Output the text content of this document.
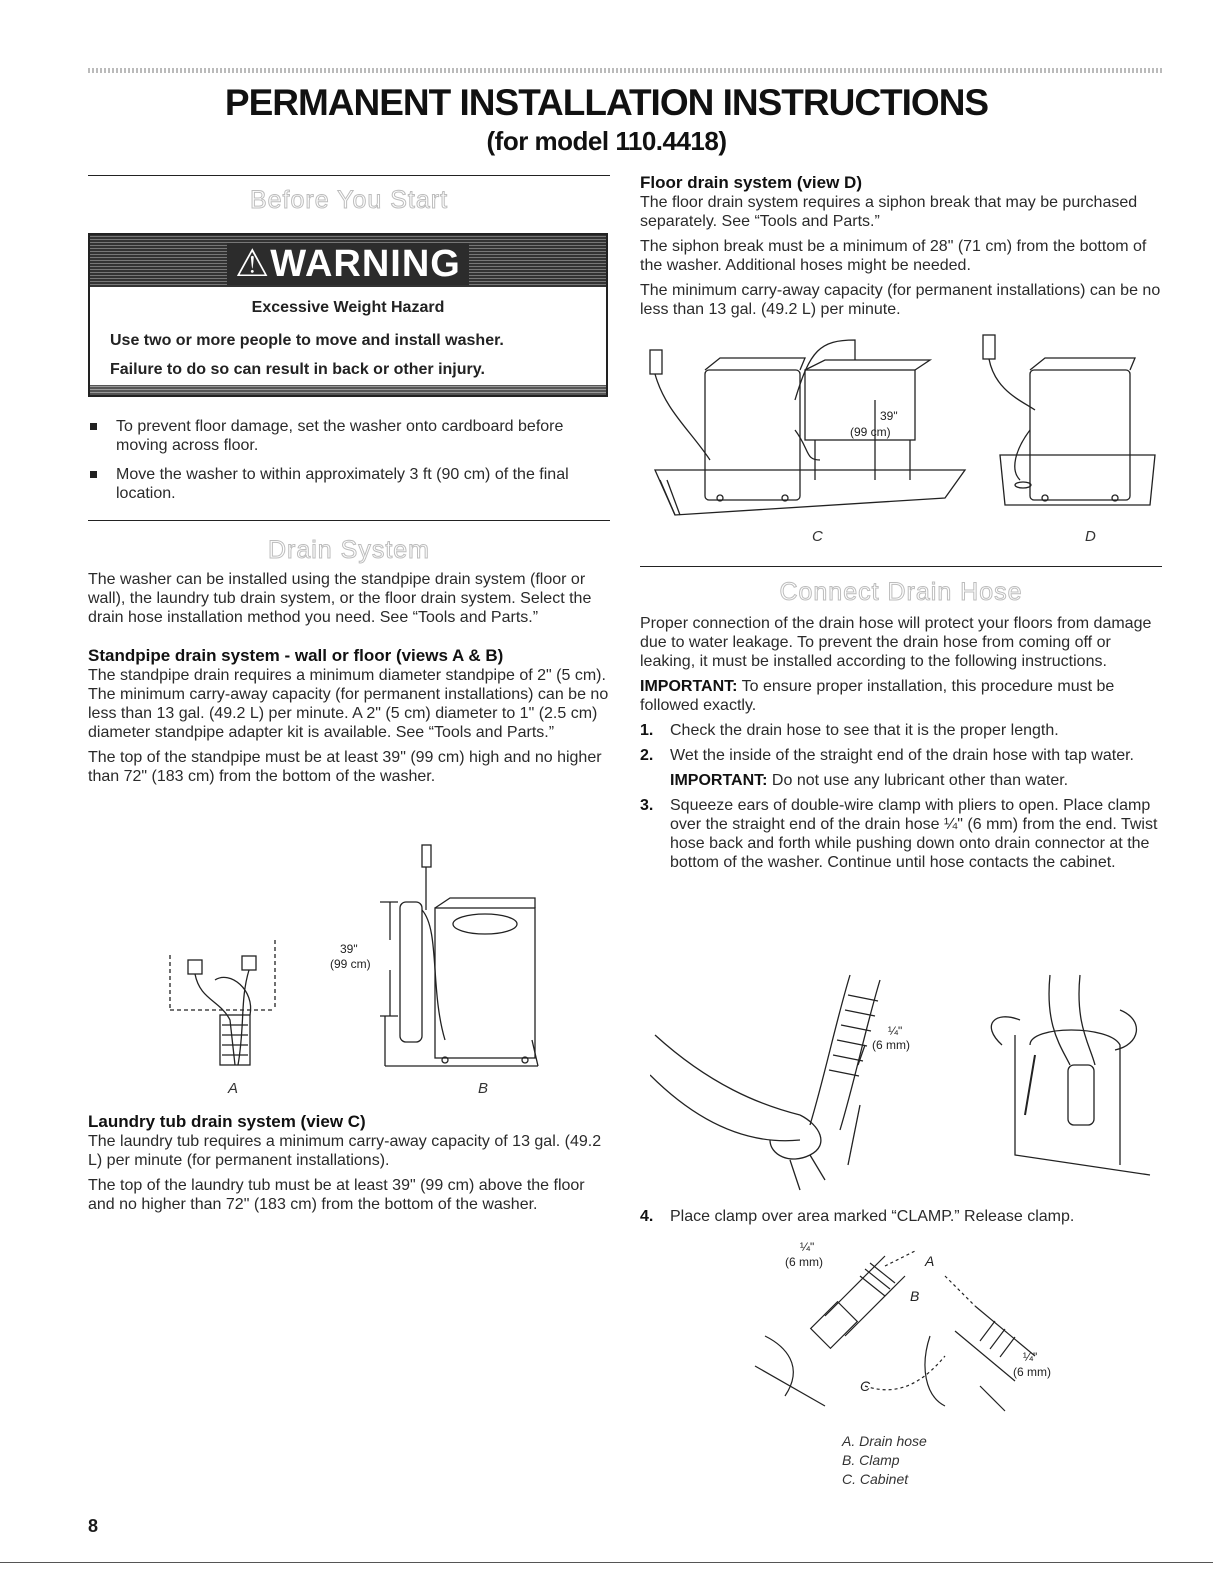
PERMANENT INSTALLATION INSTRUCTIONS
(for model 110.4418)
Before You Start
⚠WARNING
Excessive Weight Hazard
Use two or more people to move and install washer.
Failure to do so can result in back or other injury.
To prevent floor damage, set the washer onto cardboard before moving across floor.
Move the washer to within approximately 3 ft (90 cm) of the final location.
Drain System

The washer can be installed using the standpipe drain system (floor or wall), the laundry tub drain system, or the floor drain system. Select the drain hose installation method you need. See “Tools and Parts.”

Standpipe drain system - wall or floor (views A & B)

The standpipe drain requires a minimum diameter standpipe of 2" (5 cm). The minimum carry-away capacity (for permanent installations) can be no less than 13 gal. (49.2 L) per minute. A 2" (5 cm) diameter to 1" (2.5 cm) diameter standpipe adapter kit is available. See “Tools and Parts.”

The top of the standpipe must be at least 39" (99 cm) high and no higher than 72" (183 cm) from the bottom of the washer.

39"
(99 cm)
A	B
Laundry tub drain system (view C)

The laundry tub requires a minimum carry-away capacity of 13 gal. (49.2 L) per minute (for permanent installations).

The top of the laundry tub must be at least 39" (99 cm) above the floor and no higher than 72" (183 cm) from the bottom of the washer.

Floor drain system (view D)

The floor drain system requires a siphon break that may be purchased separately. See “Tools and Parts.”

The siphon break must be a minimum of 28" (71 cm) from the bottom of the washer. Additional hoses might be needed.

The minimum carry-away capacity (for permanent installations) can be no less than 13 gal. (49.2 L) per minute.

39"
(99 cm)
C	D
Connect Drain Hose

Proper connection of the drain hose will protect your floors from damage due to water leakage. To prevent the drain hose from coming off or leaking, it must be installed according to the following instructions.

IMPORTANT: To ensure proper installation, this procedure must be followed exactly.

1. Check the drain hose to see that it is the proper length.
2. Wet the inside of the straight end of the drain hose with tap water.
IMPORTANT: Do not use any lubricant other than water.
3. Squeeze ears of double-wire clamp with pliers to open. Place clamp over the straight end of the drain hose ¼" (6 mm) from the end. Twist hose back and forth while pushing down onto drain connector at the bottom of the washer. Continue until hose contacts the cabinet.
¼"
(6 mm)
4. Place clamp over area marked “CLAMP.” Release clamp.
¼"
(6 mm)	A
B
C
¼"
(6 mm)

A. Drain hose

B. Clamp

C. Cabinet

8
